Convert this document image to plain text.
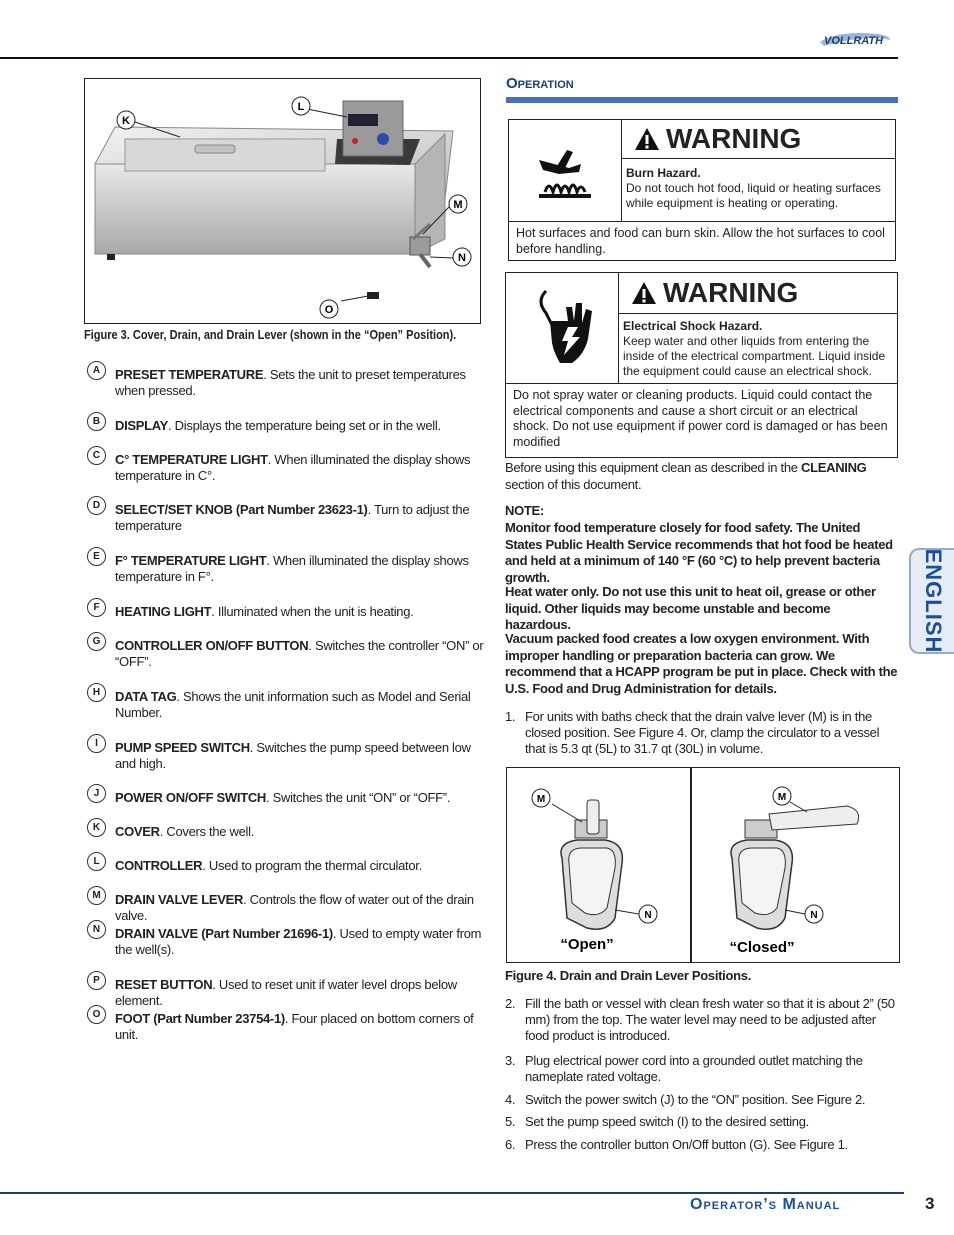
VOLLRATH
K
L
M
N
O
Figure 3. Cover, Drain, and Drain Lever (shown in the “Open” Position).
A	PRESET TEMPERATURE. Sets the unit to preset temperatures when pressed.
B	DISPLAY. Displays the temperature being set or in the well.
C	C° TEMPERATURE LIGHT. When illuminated the display shows temperature in C°.
D	SELECT/SET KNOB (Part Number 23623-1). Turn to adjust the temperature
E	F° TEMPERATURE LIGHT. When illuminated the display shows temperature in F°.
F	HEATING LIGHT. Illuminated when the unit is heating.
G	CONTROLLER ON/OFF BUTTON. Switches the controller “ON” or “OFF”.
H	DATA TAG. Shows the unit information such as Model and Serial Number.
I	PUMP SPEED SWITCH. Switches the pump speed between low and high.
J	POWER ON/OFF SWITCH. Switches the unit “ON” or “OFF”.
K	COVER. Covers the well.
L	CONTROLLER. Used to program the thermal circulator.
M	DRAIN VALVE LEVER. Controls the flow of water out of the drain valve.
N	DRAIN VALVE (Part Number 21696-1). Used to empty water from the well(s).
P	RESET BUTTON. Used to reset unit if water level drops below element.
O	FOOT (Part Number 23754-1). Four placed on bottom corners of unit.
Operation
WARNING
Burn Hazard.
Do not touch hot food, liquid or heating surfaces while equipment is heating or operating.
Hot surfaces and food can burn skin. Allow the hot surfaces to cool before handling.
WARNING
Electrical Shock Hazard.
Keep water and other liquids from entering the inside of the electrical compartment. Liquid inside the equipment could cause an electrical shock.
Do not spray water or cleaning products. Liquid could contact the electrical components and cause a short circuit or an electrical shock. Do not use equipment if power cord is damaged or has been modified
Before using this equipment clean as described in the CLEANING section of this document.
NOTE:
Monitor food temperature closely for food safety. The United States Public Health Service recommends that hot food be heated and held at a minimum of 140 °F (60 °C) to help prevent bacteria growth.
Heat water only. Do not use this unit to heat oil, grease or other liquid. Other liquids may become unstable and become hazardous.
Vacuum packed food creates a low oxygen environment. With improper handling or preparation bacteria can grow. We recommend that a HCAPP program be put in place. Check with the U.S. Food and Drug Administration for details.
1. For units with baths check that the drain valve lever (M) is in the closed position. See Figure 4. Or, clamp the circulator to a vessel that is 5.3 qt (5L) to 31.7 qt (30L) in volume.
M
N
“Open”
M
N
“Closed”
Figure 4. Drain and Drain Lever Positions.
2. Fill the bath or vessel with clean fresh water so that it is about 2” (50 mm) from the top. The water level may need to be adjusted after food product is introduced.
3. Plug electrical power cord into a grounded outlet matching the nameplate rated voltage.
4. Switch the power switch (J) to the “ON” position. See Figure 2.
5. Set the pump speed switch (I) to the desired setting.
6. Press the controller button On/Off button (G). See Figure 1.
ENGLISH
Operator’s Manual	3
